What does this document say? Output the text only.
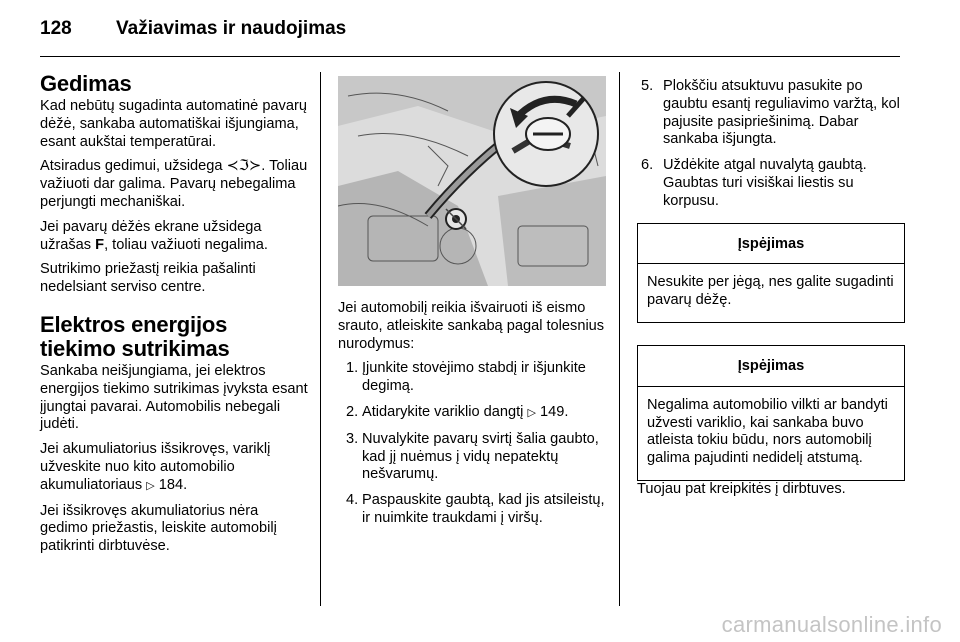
128 Važiavimas ir naudojimas
Gedimas

Kad nebūtų sugadinta automatinė pavarų dėžė, sankaba automatiškai išjungiama, esant aukštai temperatūrai.

Atsiradus gedimui, užsidega ≺ℑ≻. Toliau važiuoti dar galima. Pavarų nebegalima perjungti mechaniškai.

Jei pavarų dėžės ekrane užsidega užrašas F, toliau važiuoti negalima.

Sutrikimo priežastį reikia pašalinti nedelsiant serviso centre.

Elektros energijos tiekimo sutrikimas

Sankaba neišjungiama, jei elektros energijos tiekimo sutrikimas įvyksta esant įjungtai pavarai. Automobilis nebegali judėti.

Jei akumuliatorius išsikrovęs, variklį užveskite nuo kito automobilio akumuliatoriaus ▷ 184.

Jei išsikrovęs akumuliatorius nėra gedimo priežastis, leiskite automobilį patikrinti dirbtuvėse.

Jei automobilį reikia išvairuoti iš eismo srauto, atleiskite sankabą pagal tolesnius nurodymus:

1. Įjunkite stovėjimo stabdį ir išjunkite degimą.
2. Atidarykite variklio dangtį ▷ 149.
3. Nuvalykite pavarų svirtį šalia gaubto, kad jį nuėmus į vidų nepatektų nešvarumų.
4. Paspauskite gaubtą, kad jis atsileistų, ir nuimkite traukdami į viršų.
5. Plokščiu atsuktuvu pasukite po gaubtu esantį reguliavimo varžtą, kol pajusite pasipriešinimą. Dabar sankaba išjungta.
6. Uždėkite atgal nuvalytą gaubtą. Gaubtas turi visiškai liestis su korpusu.
Įspėjimas
Nesukite per jėgą, nes galite sugadinti pavarų dėžę.
Įspėjimas
Negalima automobilio vilkti ar bandyti užvesti variklio, kai sankaba buvo atleista tokiu būdu, nors automobilį galima pajudinti nedidelį atstumą.

Tuojau pat kreipkitės į dirbtuves.

carmanualsonline.info
